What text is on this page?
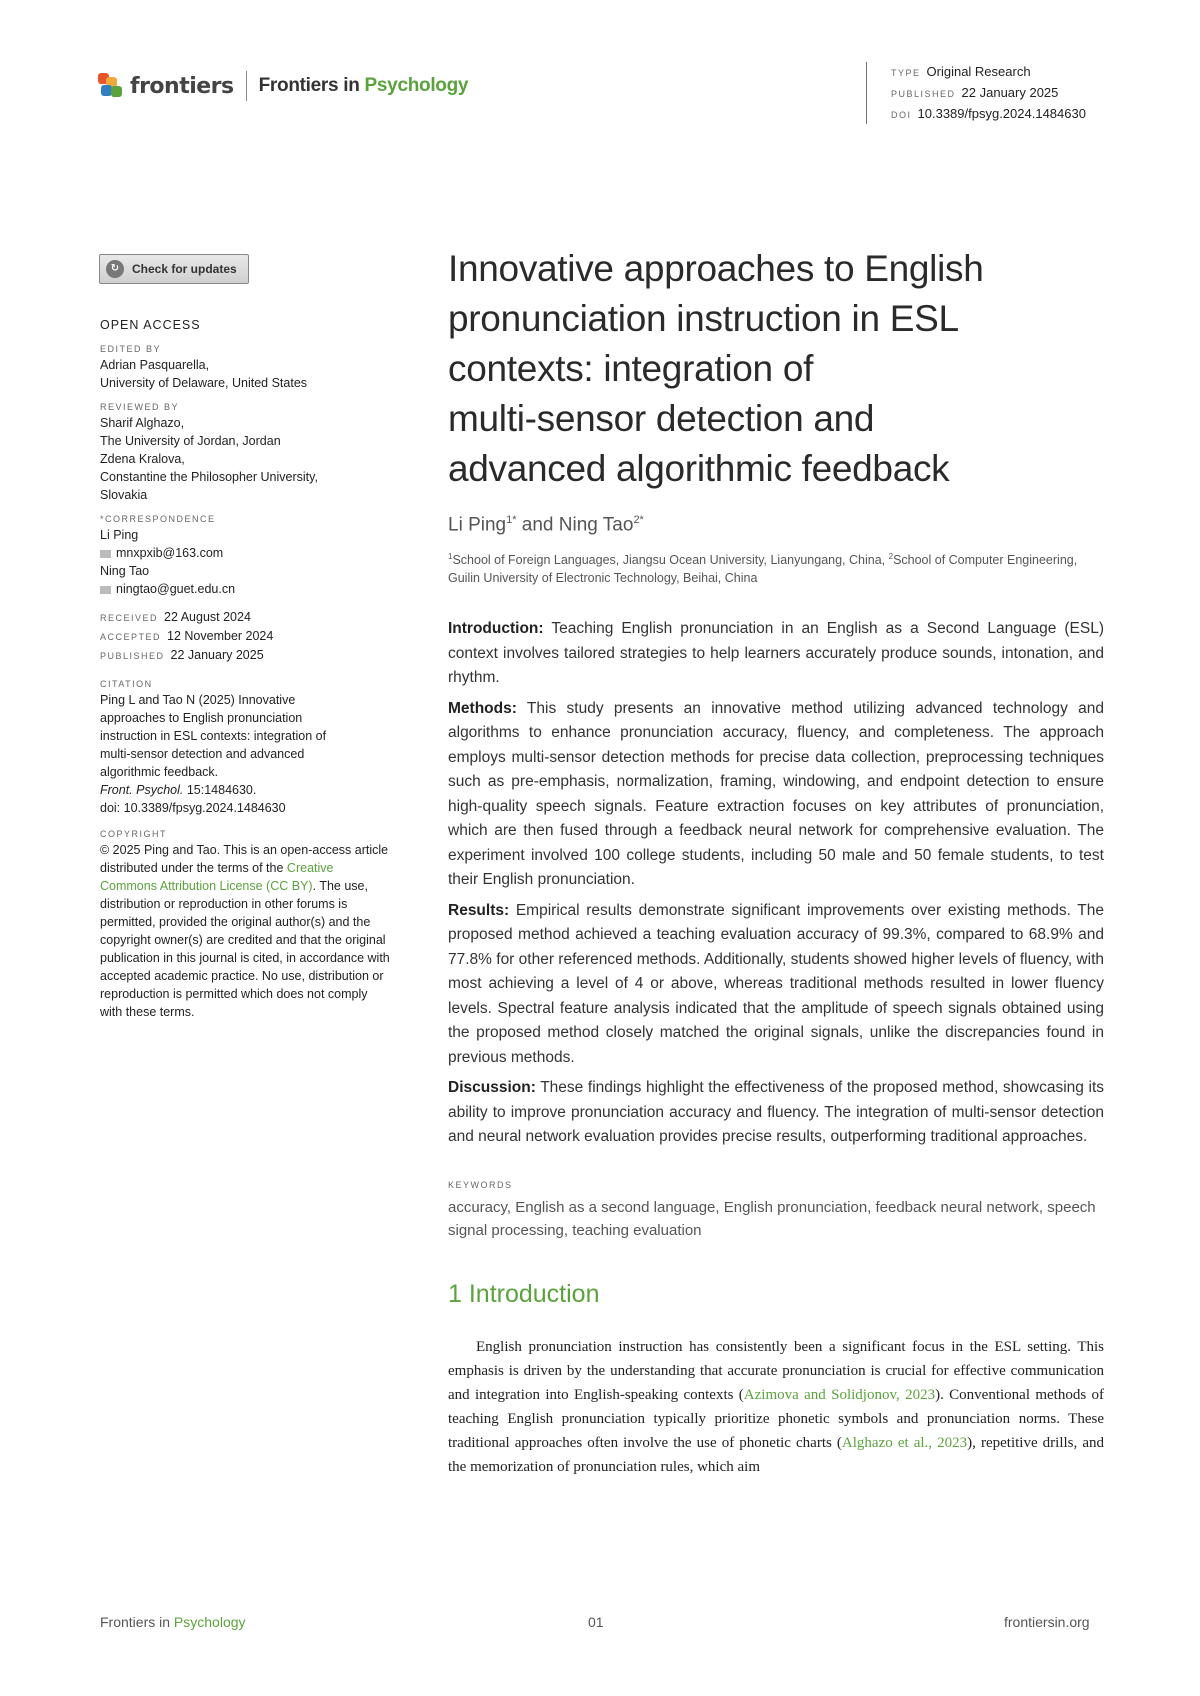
frontiers Frontiers in Psychology
TYPE Original Research
PUBLISHED 22 January 2025
DOI 10.3389/fpsyg.2024.1484630
↻	Check for updates
OPEN ACCESS
EDITED BY
Adrian Pasquarella,
University of Delaware, United States
REVIEWED BY
Sharif Alghazo,
The University of Jordan, Jordan
Zdena Kralova,
Constantine the Philosopher University,
Slovakia
*CORRESPONDENCE
Li Ping
mnxpxib@163.com
Ning Tao
ningtao@guet.edu.cn
RECEIVED 22 August 2024
ACCEPTED 12 November 2024
PUBLISHED 22 January 2025
CITATION
Ping L and Tao N (2025) Innovative
approaches to English pronunciation
instruction in ESL contexts: integration of
multi-sensor detection and advanced
algorithmic feedback.
Front. Psychol. 15:1484630.
doi: 10.3389/fpsyg.2024.1484630
COPYRIGHT
© 2025 Ping and Tao. This is an open-access article distributed under the terms of the Creative Commons Attribution License (CC BY). The use, distribution or reproduction in other forums is permitted, provided the original author(s) and the copyright owner(s) are credited and that the original publication in this journal is cited, in accordance with accepted academic practice. No use, distribution or reproduction is permitted which does not comply with these terms.
Innovative approaches to English
pronunciation instruction in ESL
contexts: integration of
multi-sensor detection and
advanced algorithmic feedback
Li Ping$^{1*}$ and Ning Tao$^{2*}$
$^1$School of Foreign Languages, Jiangsu Ocean University, Lianyungang, China, $^2$School of Computer Engineering, Guilin University of Electronic Technology, Beihai, China

Introduction: Teaching English pronunciation in an English as a Second Language (ESL) context involves tailored strategies to help learners accurately produce sounds, intonation, and rhythm.

Methods: This study presents an innovative method utilizing advanced technology and algorithms to enhance pronunciation accuracy, fluency, and completeness. The approach employs multi-sensor detection methods for precise data collection, preprocessing techniques such as pre-emphasis, normalization, framing, windowing, and endpoint detection to ensure high-quality speech signals. Feature extraction focuses on key attributes of pronunciation, which are then fused through a feedback neural network for comprehensive evaluation. The experiment involved 100 college students, including 50 male and 50 female students, to test their English pronunciation.

Results: Empirical results demonstrate significant improvements over existing methods. The proposed method achieved a teaching evaluation accuracy of 99.3%, compared to 68.9% and 77.8% for other referenced methods. Additionally, students showed higher levels of fluency, with most achieving a level of 4 or above, whereas traditional methods resulted in lower fluency levels. Spectral feature analysis indicated that the amplitude of speech signals obtained using the proposed method closely matched the original signals, unlike the discrepancies found in previous methods.

Discussion: These findings highlight the effectiveness of the proposed method, showcasing its ability to improve pronunciation accuracy and fluency. The integration of multi-sensor detection and neural network evaluation provides precise results, outperforming traditional approaches.

KEYWORDS
accuracy, English as a second language, English pronunciation, feedback neural network, speech signal processing, teaching evaluation
1 Introduction

English pronunciation instruction has consistently been a significant focus in the ESL setting. This emphasis is driven by the understanding that accurate pronunciation is crucial for effective communication and integration into English-speaking contexts (Azimova and Solidjonov, 2023). Conventional methods of teaching English pronunciation typically prioritize phonetic symbols and pronunciation norms. These traditional approaches often involve the use of phonetic charts (Alghazo et al., 2023), repetitive drills, and the memorization of pronunciation rules, which aim

Frontiers in Psychology	01	frontiersin.org
